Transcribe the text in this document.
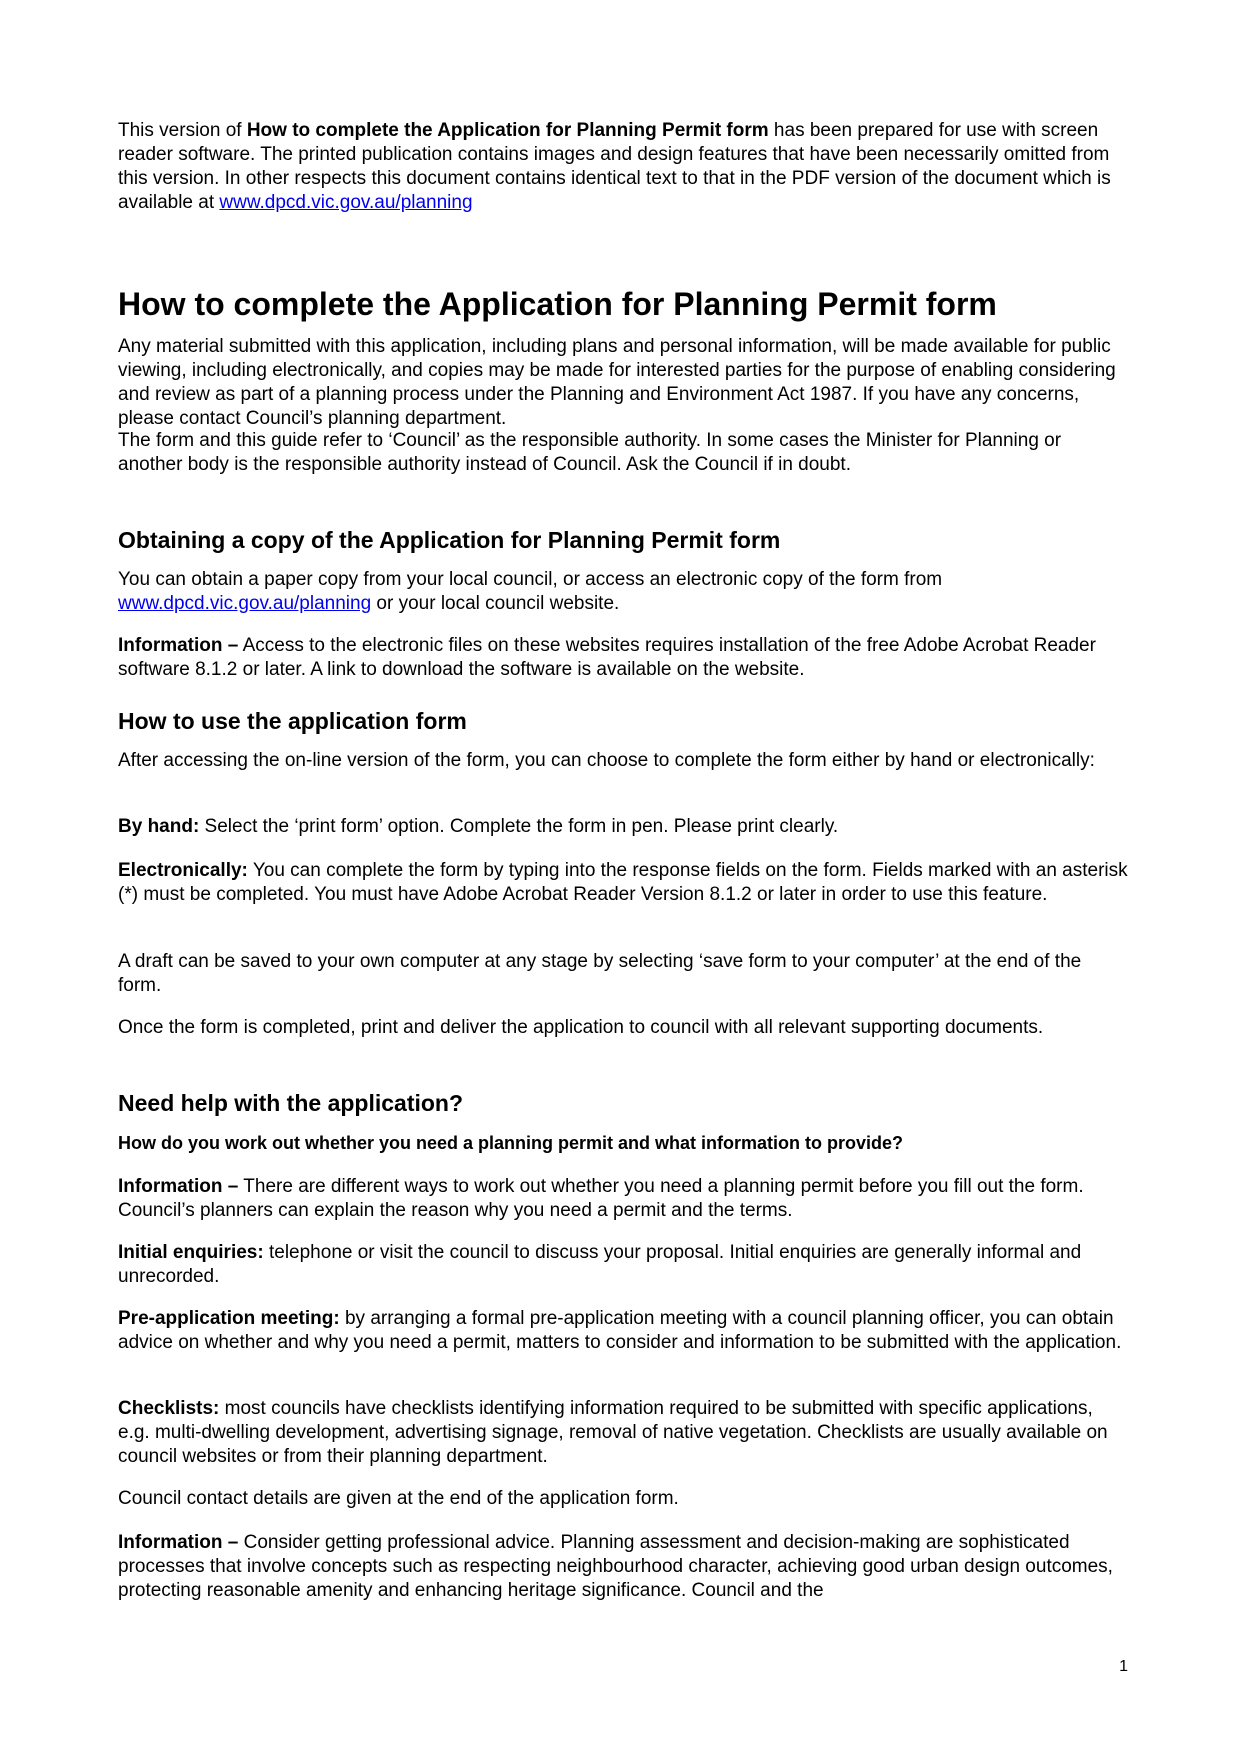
This version of How to complete the Application for Planning Permit form has been prepared for use with screen reader software. The printed publication contains images and design features that have been necessarily omitted from this version. In other respects this document contains identical text to that in the PDF version of the document which is available at www.dpcd.vic.gov.au/planning

How to complete the Application for Planning Permit form

Any material submitted with this application, including plans and personal information, will be made available for public viewing, including electronically, and copies may be made for interested parties for the purpose of enabling considering and review as part of a planning process under the Planning and Environment Act 1987. If you have any concerns, please contact Council’s planning department.

The form and this guide refer to ‘Council’ as the responsible authority. In some cases the Minister for Planning or another body is the responsible authority instead of Council. Ask the Council if in doubt.

Obtaining a copy of the Application for Planning Permit form

You can obtain a paper copy from your local council, or access an electronic copy of the form from www.dpcd.vic.gov.au/planning or your local council website.

Information – Access to the electronic files on these websites requires installation of the free Adobe Acrobat Reader software 8.1.2 or later. A link to download the software is available on the website.

How to use the application form

After accessing the on-line version of the form, you can choose to complete the form either by hand or electronically:

By hand: Select the ‘print form’ option. Complete the form in pen. Please print clearly.

Electronically: You can complete the form by typing into the response fields on the form. Fields marked with an asterisk (*) must be completed. You must have Adobe Acrobat Reader Version 8.1.2 or later in order to use this feature.

A draft can be saved to your own computer at any stage by selecting ‘save form to your computer’ at the end of the form.

Once the form is completed, print and deliver the application to council with all relevant supporting documents.

Need help with the application?

How do you work out whether you need a planning permit and what information to provide?

Information – There are different ways to work out whether you need a planning permit before you fill out the form. Council’s planners can explain the reason why you need a permit and the terms.

Initial enquiries: telephone or visit the council to discuss your proposal. Initial enquiries are generally informal and unrecorded.

Pre-application meeting: by arranging a formal pre-application meeting with a council planning officer, you can obtain advice on whether and why you need a permit, matters to consider and information to be submitted with the application.

Checklists: most councils have checklists identifying information required to be submitted with specific applications, e.g. multi-dwelling development, advertising signage, removal of native vegetation. Checklists are usually available on council websites or from their planning department.

Council contact details are given at the end of the application form.

Information – Consider getting professional advice. Planning assessment and decision-making are sophisticated processes that involve concepts such as respecting neighbourhood character, achieving good urban design outcomes, protecting reasonable amenity and enhancing heritage significance. Council and the

1
